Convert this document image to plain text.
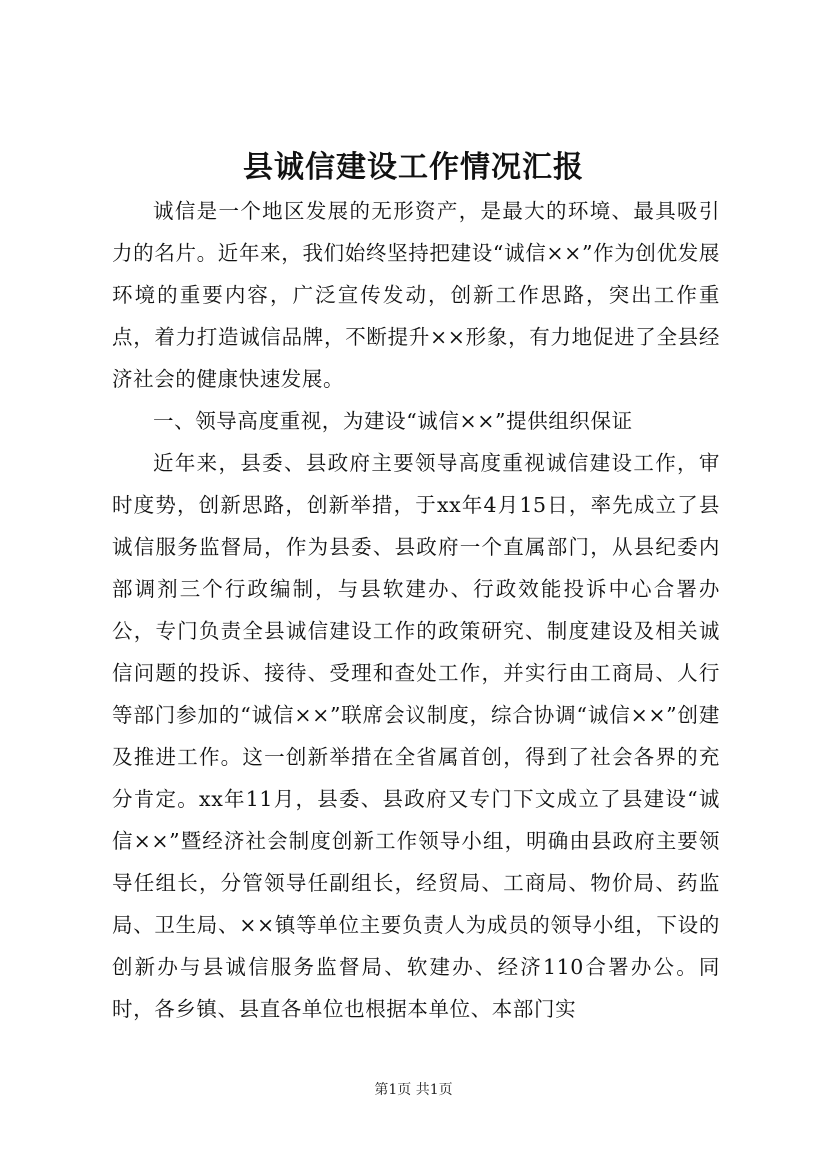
县诚信建设工作情况汇报

诚信是一个地区发展的无形资产，是最大的环境、最具吸引力的名片。近年来，我们始终坚持把建设“诚信××”作为创优发展环境的重要内容，广泛宣传发动，创新工作思路，突出工作重点，着力打造诚信品牌，不断提升××形象，有力地促进了全县经济社会的健康快速发展。

一、领导高度重视，为建设“诚信××”提供组织保证

近年来，县委、县政府主要领导高度重视诚信建设工作，审时度势，创新思路，创新举措，于xx年4月15日，率先成立了县诚信服务监督局，作为县委、县政府一个直属部门，从县纪委内部调剂三个行政编制，与县软建办、行政效能投诉中心合署办公，专门负责全县诚信建设工作的政策研究、制度建设及相关诚信问题的投诉、接待、受理和查处工作，并实行由工商局、人行等部门参加的“诚信××”联席会议制度，综合协调“诚信××”创建及推进工作。这一创新举措在全省属首创，得到了社会各界的充分肯定。xx年11月，县委、县政府又专门下文成立了县建设“诚信××”暨经济社会制度创新工作领导小组，明确由县政府主要领导任组长，分管领导任副组长，经贸局、工商局、物价局、药监局、卫生局、××镇等单位主要负责人为成员的领导小组，下设的创新办与县诚信服务监督局、软建办、经济110合署办公。同时，各乡镇、县直各单位也根据本单位、本部门实

第1页 共1页
